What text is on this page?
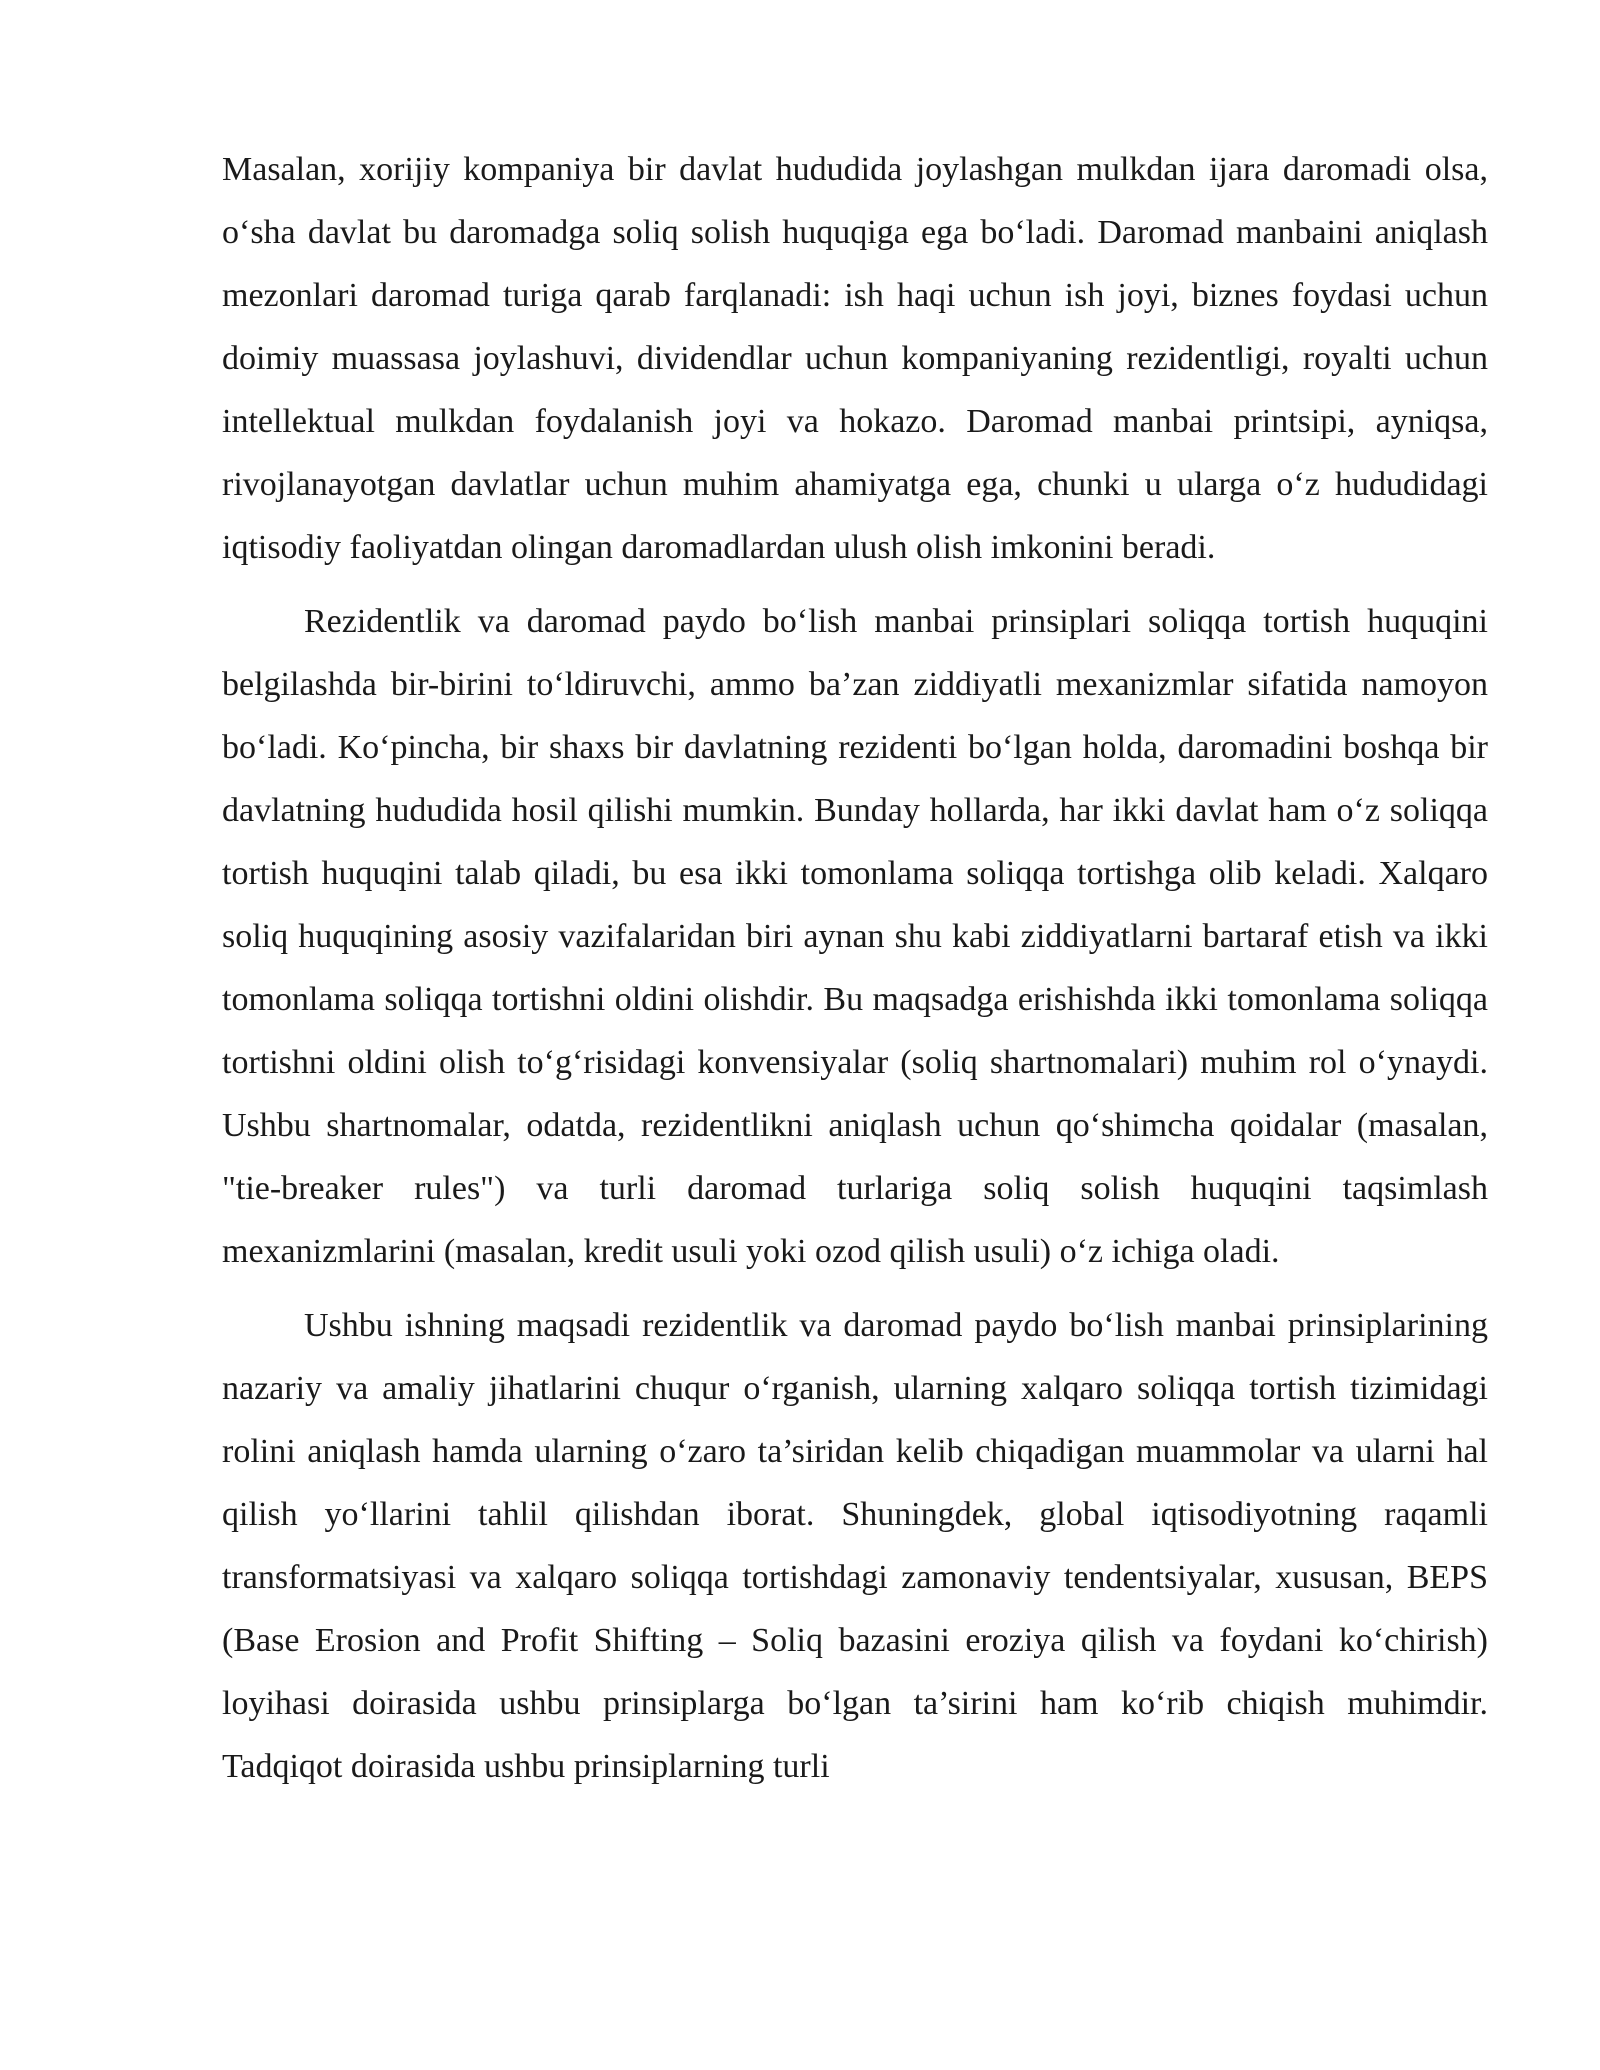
Masalan, xorijiy kompaniya bir davlat hududida joylashgan mulkdan ijara daromadi olsa, o‘sha davlat bu daromadga soliq solish huquqiga ega bo‘ladi. Daromad manbaini aniqlash mezonlari daromad turiga qarab farqlanadi: ish haqi uchun ish joyi, biznes foydasi uchun doimiy muassasa joylashuvi, dividendlar uchun kompaniyaning rezidentligi, royalti uchun intellektual mulkdan foydalanish joyi va hokazo. Daromad manbai printsipi, ayniqsa, rivojlanayotgan davlatlar uchun muhim ahamiyatga ega, chunki u ularga o‘z hududidagi iqtisodiy faoliyatdan olingan daromadlardan ulush olish imkonini beradi.

Rezidentlik va daromad paydo bo‘lish manbai prinsiplari soliqqa tortish huquqini belgilashda bir-birini to‘ldiruvchi, ammo ba’zan ziddiyatli mexanizmlar sifatida namoyon bo‘ladi. Ko‘pincha, bir shaxs bir davlatning rezidenti bo‘lgan holda, daromadini boshqa bir davlatning hududida hosil qilishi mumkin. Bunday hollarda, har ikki davlat ham o‘z soliqqa tortish huquqini talab qiladi, bu esa ikki tomonlama soliqqa tortishga olib keladi. Xalqaro soliq huquqining asosiy vazifalaridan biri aynan shu kabi ziddiyatlarni bartaraf etish va ikki tomonlama soliqqa tortishni oldini olishdir. Bu maqsadga erishishda ikki tomonlama soliqqa tortishni oldini olish to‘g‘risidagi konvensiyalar (soliq shartnomalari) muhim rol o‘ynaydi. Ushbu shartnomalar, odatda, rezidentlikni aniqlash uchun qo‘shimcha qoidalar (masalan, "tie-breaker rules") va turli daromad turlariga soliq solish huquqini taqsimlash mexanizmlarini (masalan, kredit usuli yoki ozod qilish usuli) o‘z ichiga oladi.

Ushbu ishning maqsadi rezidentlik va daromad paydo bo‘lish manbai prinsiplarining nazariy va amaliy jihatlarini chuqur o‘rganish, ularning xalqaro soliqqa tortish tizimidagi rolini aniqlash hamda ularning o‘zaro ta’siridan kelib chiqadigan muammolar va ularni hal qilish yo‘llarini tahlil qilishdan iborat. Shuningdek, global iqtisodiyotning raqamli transformatsiyasi va xalqaro soliqqa tortishdagi zamonaviy tendentsiyalar, xususan, BEPS (Base Erosion and Profit Shifting – Soliq bazasini eroziya qilish va foydani ko‘chirish) loyihasi doirasida ushbu prinsiplarga bo‘lgan ta’sirini ham ko‘rib chiqish muhimdir. Tadqiqot doirasida ushbu prinsiplarning turli
